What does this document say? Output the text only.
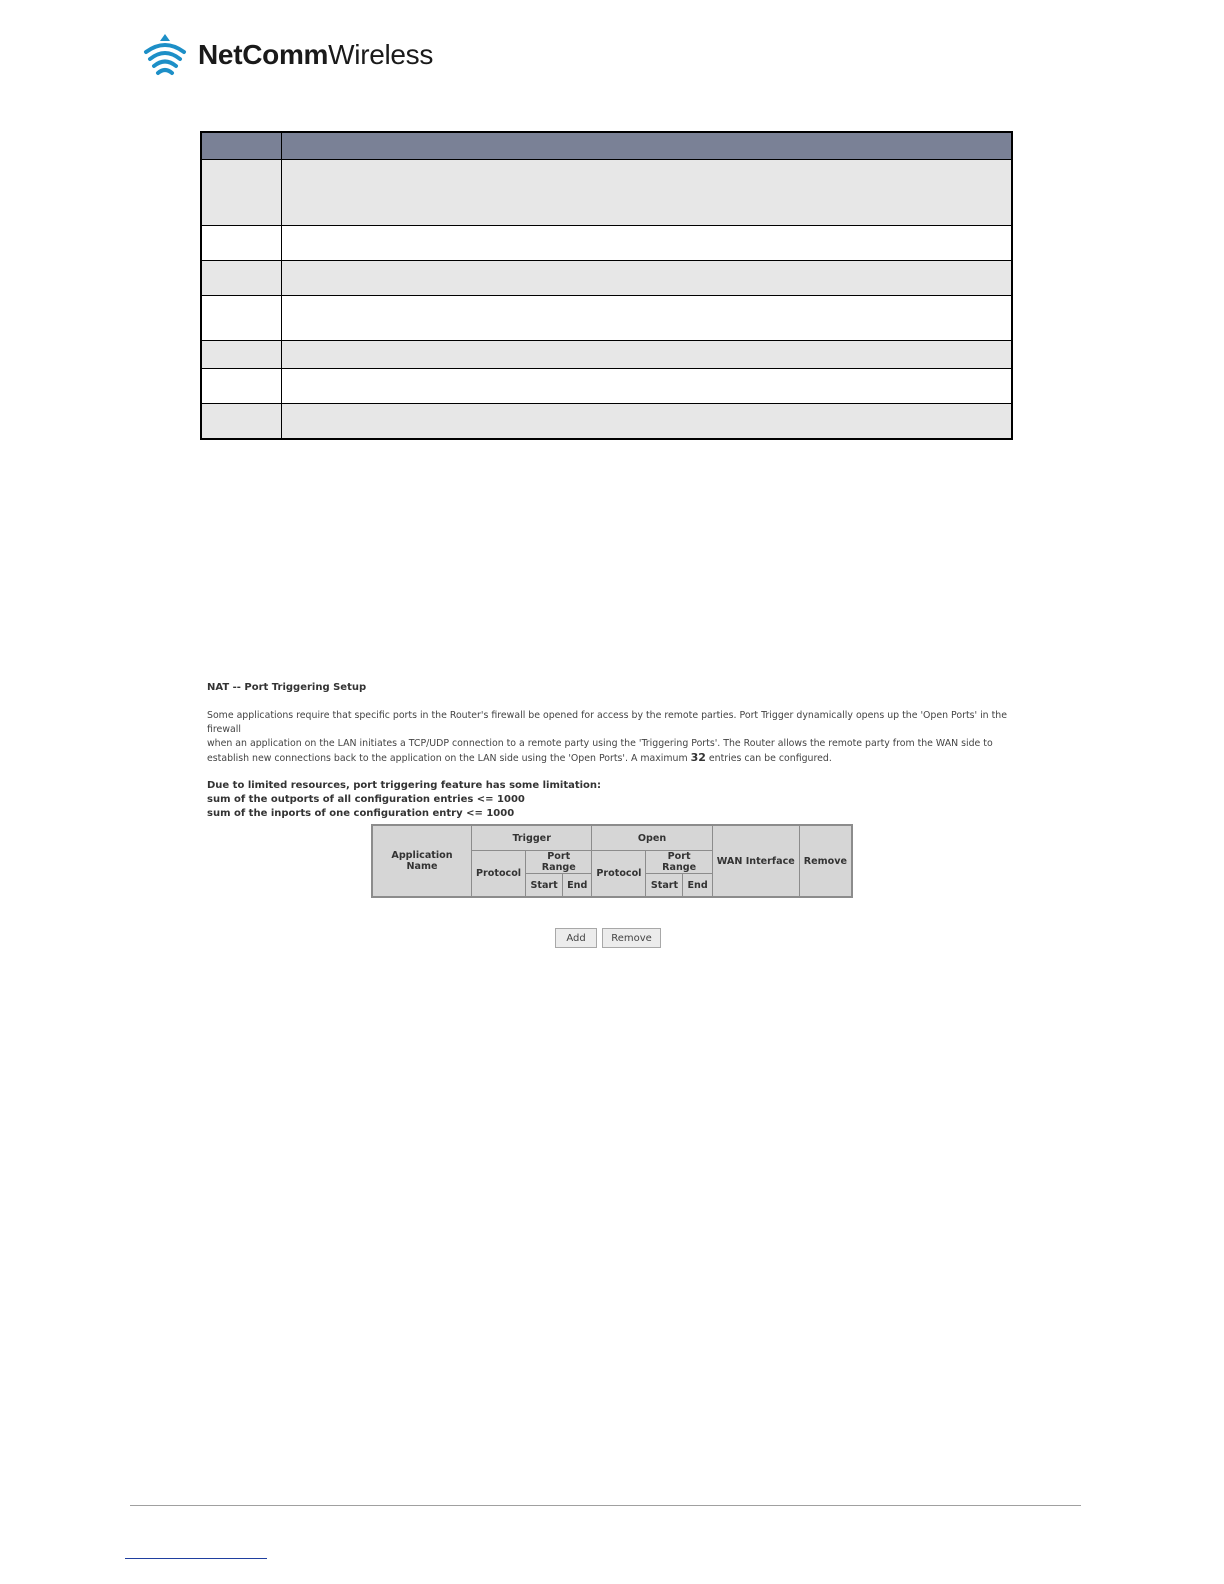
NetCommWireless

NAT -- Port Triggering Setup
Some applications require that specific ports in the Router's firewall be opened for access by the remote parties. Port Trigger dynamically opens up the 'Open Ports' in the firewall
when an application on the LAN initiates a TCP/UDP connection to a remote party using the 'Triggering Ports'. The Router allows the remote party from the WAN side to
establish new connections back to the application on the LAN side using the 'Open Ports'. A maximum 32 entries can be configured.
Due to limited resources, port triggering feature has some limitation:
sum of the outports of all configuration entries <= 1000
sum of the inports of one configuration entry <= 1000
Application Name	Trigger			Open			WAN Interface	Remove
	Protocol	Port Range		Protocol	Port Range			
		Start	End		Start	End		
Add	Remove
